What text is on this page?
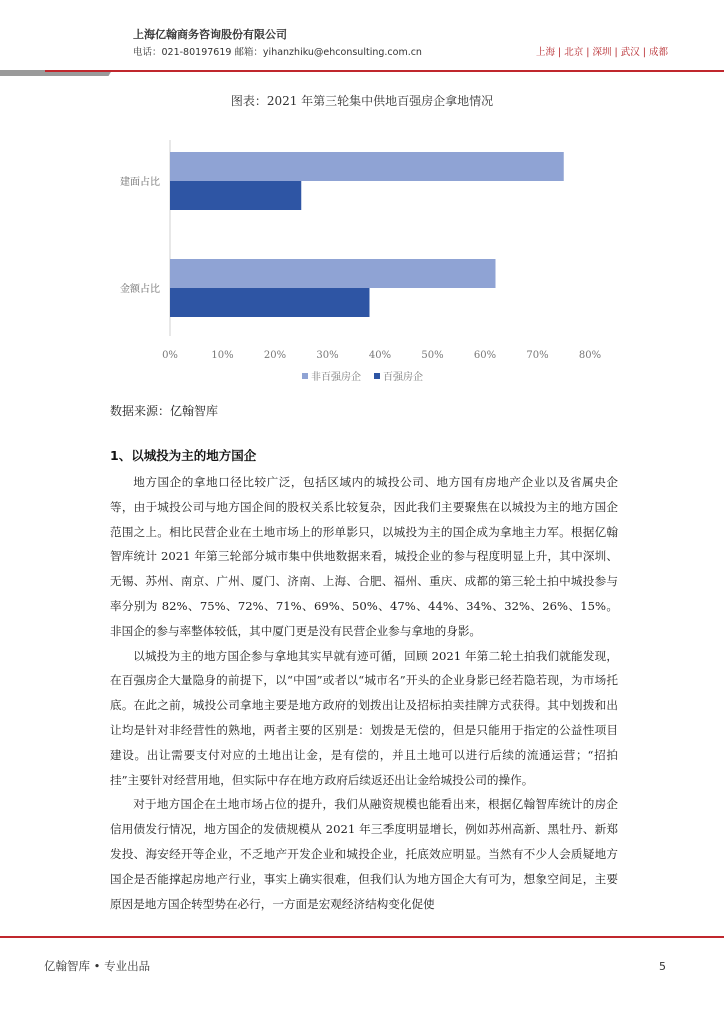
上海亿翰商务咨询股份有限公司
电话：021-80197619 邮箱：yihanzhiku@ehconsulting.com.cn	上海 | 北京 | 深圳 | 武汉 | 成都
图表：2021 年第三轮集中供地百强房企拿地情况
建面占比
金额占比
0%	10%	20%	30%	40%	50%	60%	70%	80%
非百强房企 百强房企
数据来源：亿翰智库
1、以城投为主的地方国企

地方国企的拿地口径比较广泛，包括区域内的城投公司、地方国有房地产企业以及省属央企等，由于城投公司与地方国企间的股权关系比较复杂，因此我们主要聚焦在以城投为主的地方国企范围之上。相比民营企业在土地市场上的形单影只，以城投为主的国企成为拿地主力军。根据亿翰智库统计 2021 年第三轮部分城市集中供地数据来看，城投企业的参与程度明显上升，其中深圳、无锡、苏州、南京、广州、厦门、济南、上海、合肥、福州、重庆、成都的第三轮土拍中城投参与率分别为 82%、75%、72%、71%、69%、50%、47%、44%、34%、32%、26%、15%。非国企的参与率整体较低，其中厦门更是没有民营企业参与拿地的身影。

以城投为主的地方国企参与拿地其实早就有迹可循，回顾 2021 年第二轮土拍我们就能发现，在百强房企大量隐身的前提下，以“中国”或者以“城市名”开头的企业身影已经若隐若现，为市场托底。在此之前，城投公司拿地主要是地方政府的划拨出让及招标拍卖挂牌方式获得。其中划拨和出让均是针对非经营性的熟地，两者主要的区别是：划拨是无偿的，但是只能用于指定的公益性项目建设。出让需要支付对应的土地出让金，是有偿的，并且土地可以进行后续的流通运营；“招拍挂”主要针对经营用地，但实际中存在地方政府后续返还出让金给城投公司的操作。

对于地方国企在土地市场占位的提升，我们从融资规模也能看出来，根据亿翰智库统计的房企信用债发行情况，地方国企的发债规模从 2021 年三季度明显增长，例如苏州高新、黑牡丹、新郑发投、海安经开等企业，不乏地产开发企业和城投企业，托底效应明显。当然有不少人会质疑地方国企是否能撑起房地产行业，事实上确实很难，但我们认为地方国企大有可为，想象空间足，主要原因是地方国企转型势在必行，一方面是宏观经济结构变化促使

亿翰智库 • 专业出品	5
